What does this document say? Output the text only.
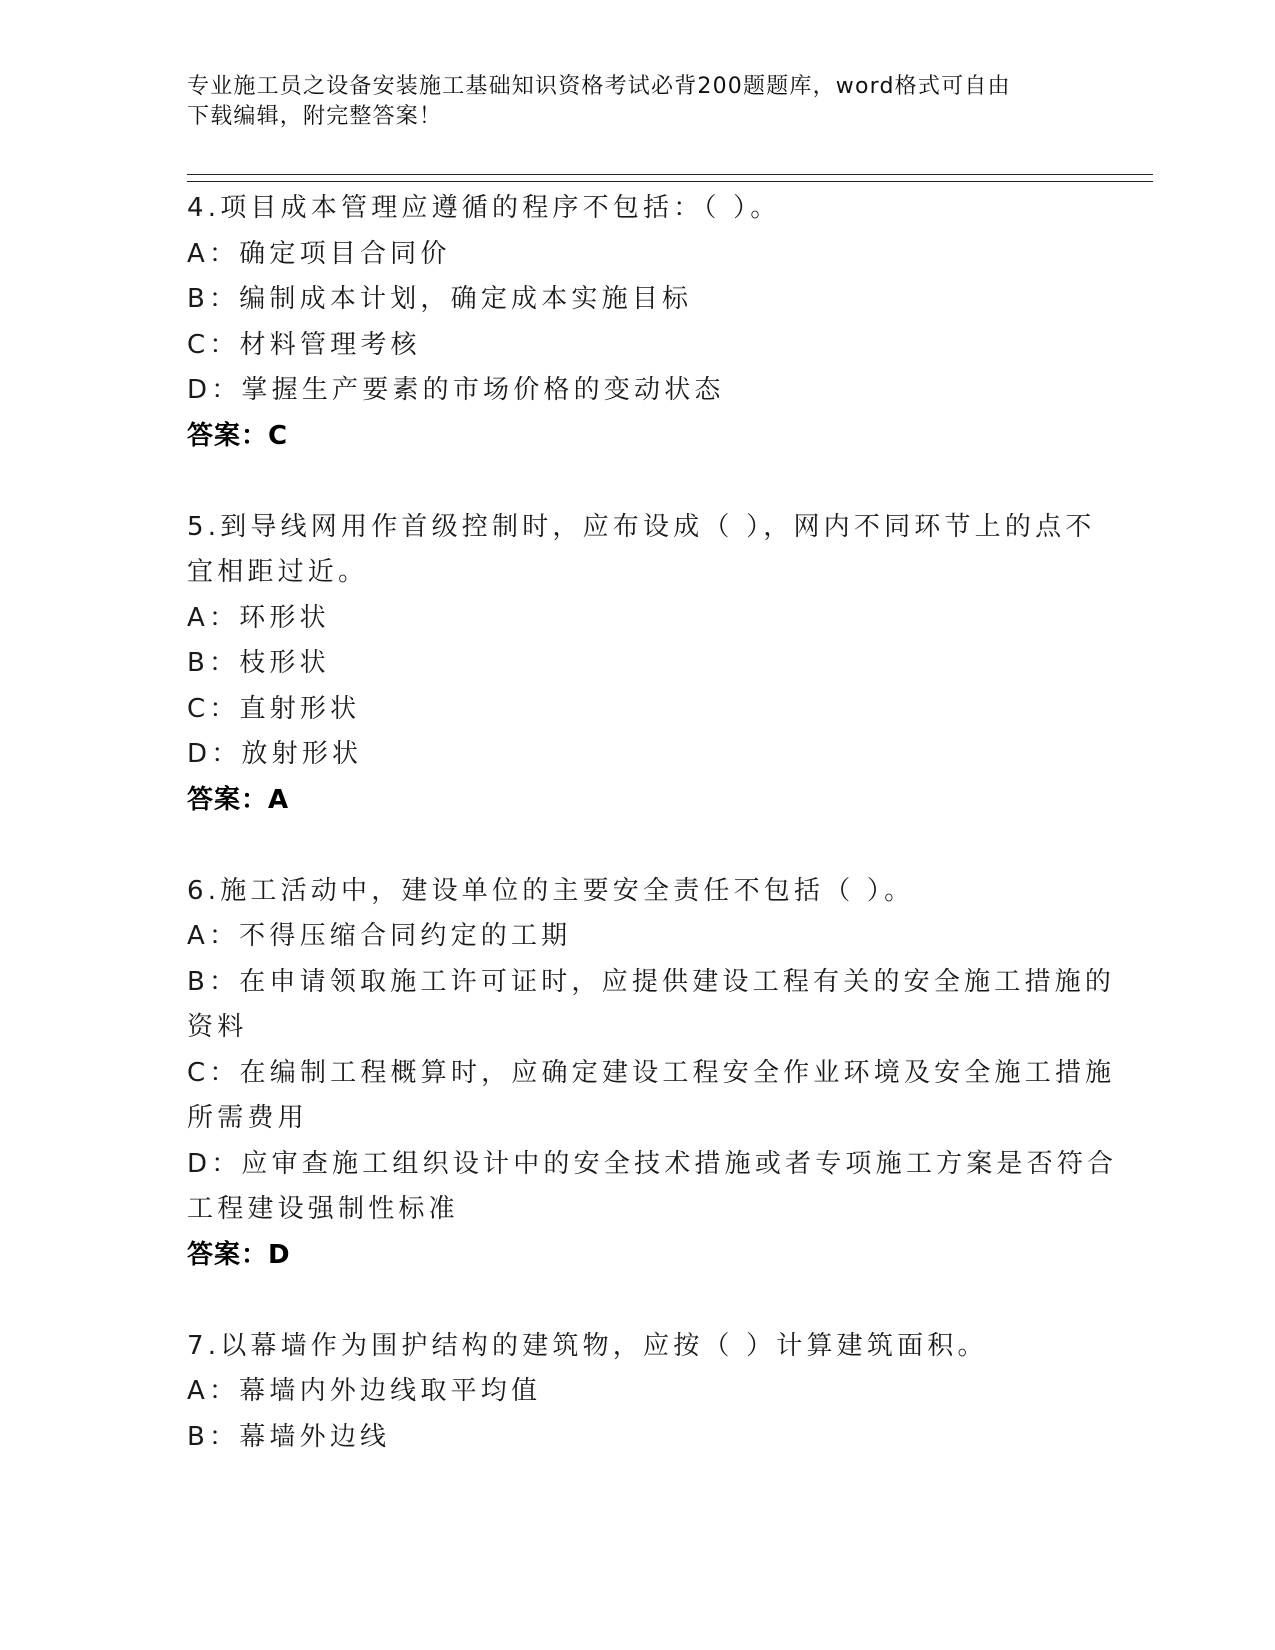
专业施工员之设备安装施工基础知识资格考试必背200题题库，word格式可自由
下载编辑，附完整答案！
4.项目成本管理应遵循的程序不包括：（ ）。
A：确定项目合同价
B：编制成本计划，确定成本实施目标
C：材料管理考核
D：掌握生产要素的市场价格的变动状态
答案：C
5.到导线网用作首级控制时，应布设成（ ），网内不同环节上的点不
宜相距过近。
A：环形状
B：枝形状
C：直射形状
D：放射形状
答案：A
6.施工活动中，建设单位的主要安全责任不包括（ ）。
A：不得压缩合同约定的工期
B：在申请领取施工许可证时，应提供建设工程有关的安全施工措施的
资料
C：在编制工程概算时，应确定建设工程安全作业环境及安全施工措施
所需费用
D：应审查施工组织设计中的安全技术措施或者专项施工方案是否符合
工程建设强制性标准
答案：D
7.以幕墙作为围护结构的建筑物，应按（ ）计算建筑面积。
A：幕墙内外边线取平均值
B：幕墙外边线
